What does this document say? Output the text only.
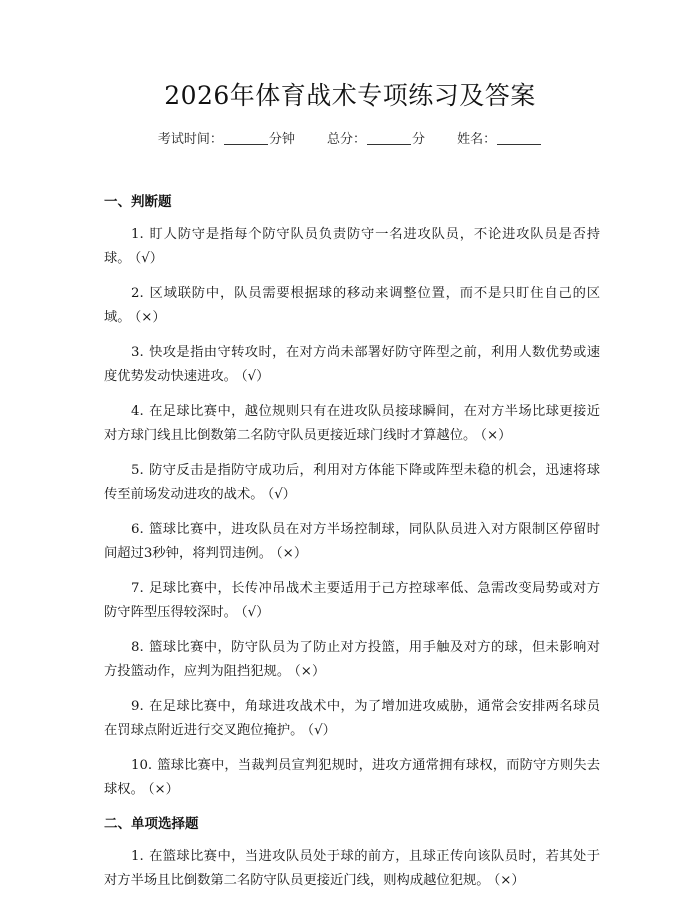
2026年体育战术专项练习及答案
考试时间：	分钟 总分：	分 姓名：
一、判断题

1. 盯人防守是指每个防守队员负责防守一名进攻队员，不论进攻队员是否持球。 （√）

2. 区域联防中，队员需要根据球的移动来调整位置，而不是只盯住自己的区域。 （×）

3. 快攻是指由守转攻时，在对方尚未部署好防守阵型之前，利用人数优势或速度优势发动快速进攻。 （√）

4. 在足球比赛中，越位规则只有在进攻队员接球瞬间，在对方半场比球更接近对方球门线且比倒数第二名防守队员更接近球门线时才算越位。 （×）

5. 防守反击是指防守成功后，利用对方体能下降或阵型未稳的机会，迅速将球传至前场发动进攻的战术。 （√）

6. 篮球比赛中，进攻队员在对方半场控制球，同队队员进入对方限制区停留时间超过3秒钟，将判罚违例。 （×）

7. 足球比赛中，长传冲吊战术主要适用于己方控球率低、急需改变局势或对方防守阵型压得较深时。 （√）

8. 篮球比赛中，防守队员为了防止对方投篮，用手触及对方的球，但未影响对方投篮动作，应判为阻挡犯规。 （×）

9. 在足球比赛中，角球进攻战术中，为了增加进攻威胁，通常会安排两名球员在罚球点附近进行交叉跑位掩护。 （√）

10. 篮球比赛中，当裁判员宣判犯规时，进攻方通常拥有球权，而防守方则失去球权。 （×）

二、单项选择题

1. 在篮球比赛中，当进攻队员处于球的前方，且球正传向该队员时，若其处于对方半场且比倒数第二名防守队员更接近门线，则构成越位犯规。 （×）
